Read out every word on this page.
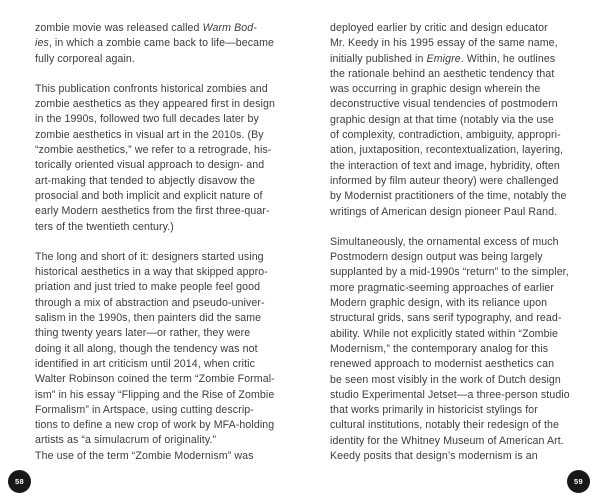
zombie movie was released called Warm Bod-
ies, in which a zombie came back to life—became
fully corporeal again.
This publication confronts historical zombies and
zombie aesthetics as they appeared first in design
in the 1990s, followed two full decades later by
zombie aesthetics in visual art in the 2010s. (By
“zombie aesthetics,” we refer to a retrograde, his-
torically oriented visual approach to design- and
art-making that tended to abjectly disavow the
prosocial and both implicit and explicit nature of
early Modern aesthetics from the first three-quar-
ters of the twentieth century.)
The long and short of it: designers started using
historical aesthetics in a way that skipped appro-
priation and just tried to make people feel good
through a mix of abstraction and pseudo-univer-
salism in the 1990s, then painters did the same
thing twenty years later—or rather, they were
doing it all along, though the tendency was not
identified in art criticism until 2014, when critic
Walter Robinson coined the term “Zombie Formal-
ism” in his essay “Flipping and the Rise of Zombie
Formalism” in Artspace, using cutting descrip-
tions to define a new crop of work by MFA-holding
artists as “a simulacrum of originality.”
The use of the term “Zombie Modernism” was
58
deployed earlier by critic and design educator
Mr. Keedy in his 1995 essay of the same name,
initially published in Emigre. Within, he outlines
the rationale behind an aesthetic tendency that
was occurring in graphic design wherein the
deconstructive visual tendencies of postmodern
graphic design at that time (notably via the use
of complexity, contradiction, ambiguity, appropri-
ation, juxtaposition, recontextualization, layering,
the interaction of text and image, hybridity, often
informed by film auteur theory) were challenged
by Modernist practitioners of the time, notably the
writings of American design pioneer Paul Rand.
Simultaneously, the ornamental excess of much
Postmodern design output was being largely
supplanted by a mid-1990s “return” to the simpler,
more pragmatic-seeming approaches of earlier
Modern graphic design, with its reliance upon
structural grids, sans serif typography, and read-
ability. While not explicitly stated within “Zombie
Modernism,” the contemporary analog for this
renewed approach to modernist aesthetics can
be seen most visibly in the work of Dutch design
studio Experimental Jetset—a three-person studio
that works primarily in historicist stylings for
cultural institutions, notably their redesign of the
identity for the Whitney Museum of American Art.
Keedy posits that design’s modernism is an
59
